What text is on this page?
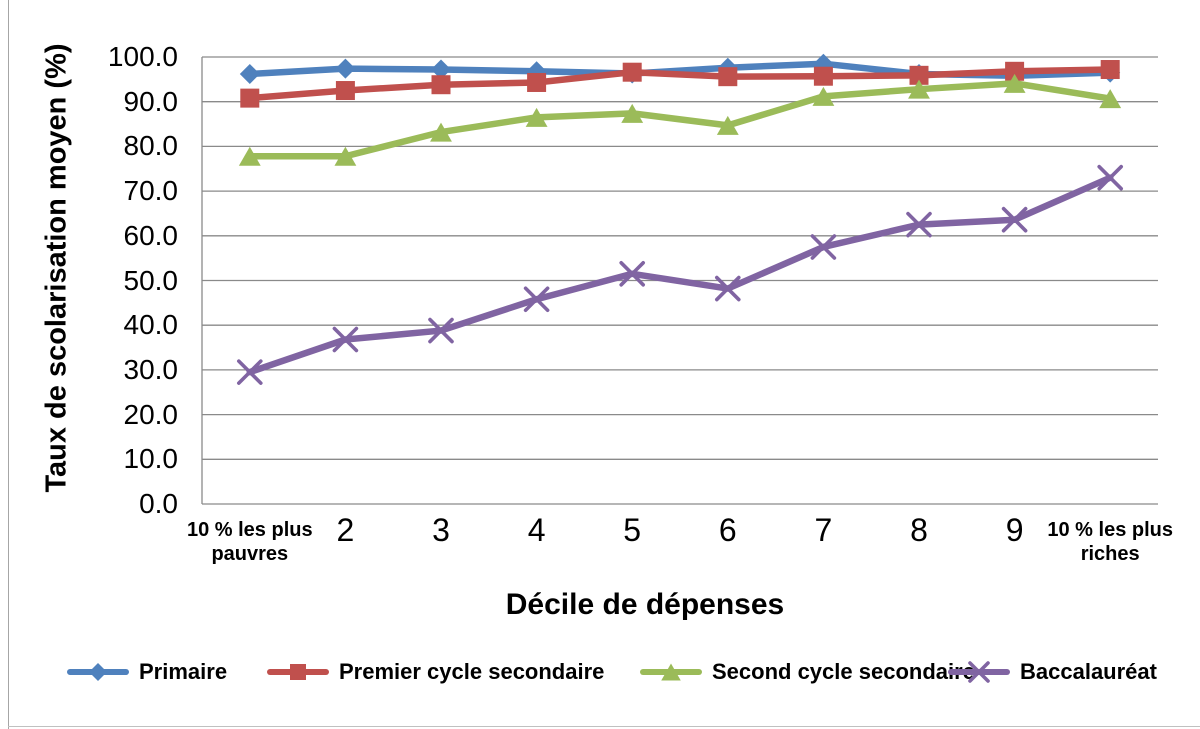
0.0
10.0
20.0
30.0
40.0
50.0
60.0
70.0
80.0
90.0
100.0
10 % les plus pauvres
2 3 4 5 6 7 8 9	10 % les plus riches
Taux de scolarisation moyen (%)
Décile de dépenses
Primaire	Premier cycle secondaire	Second cycle secondaire Baccalauréat
